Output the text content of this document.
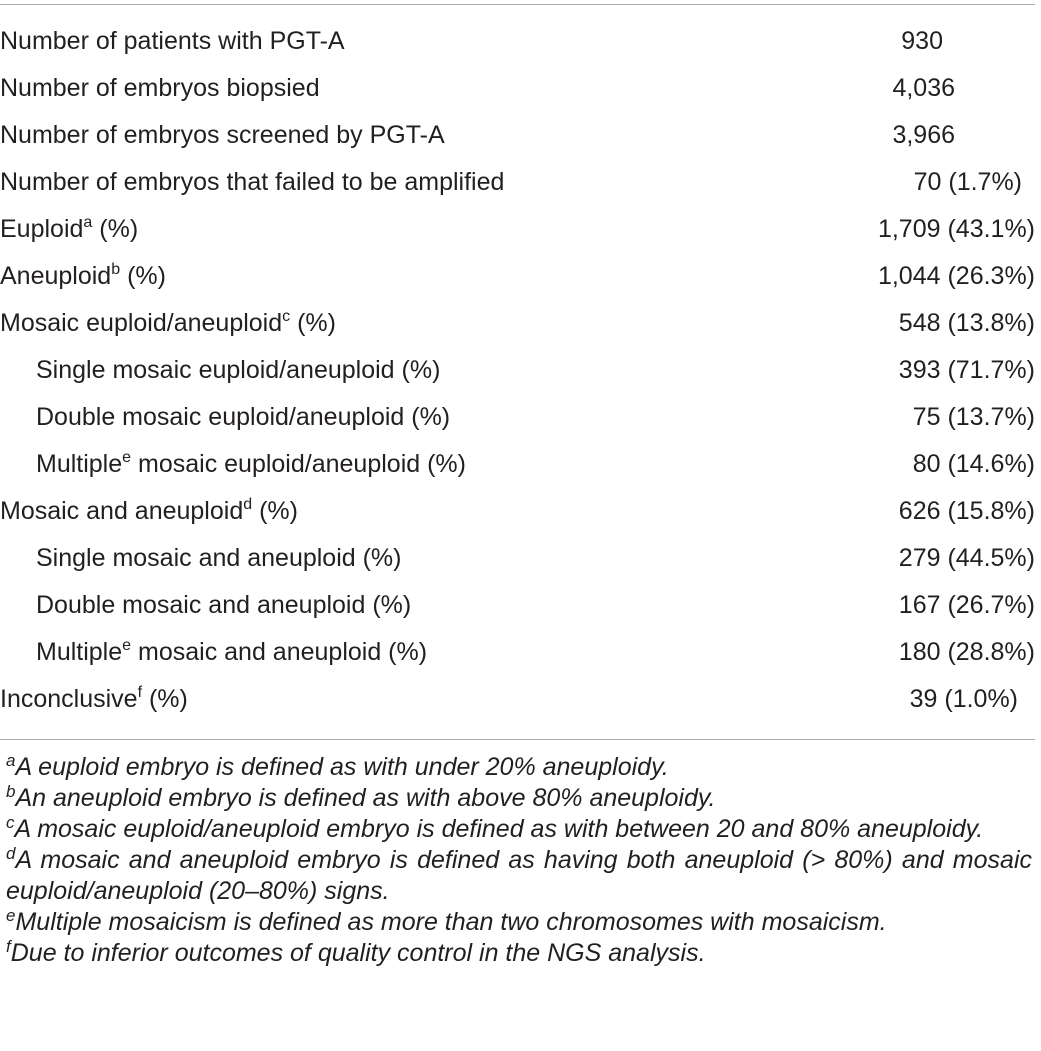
Number of patients with PGT-A	930
Number of embryos biopsied	4,036
Number of embryos screened by PGT-A	3,966
Number of embryos that failed to be amplified	70 (1.7%)
Euploid$^a$ (%)	1,709 (43.1%)
Aneuploid$^b$ (%)	1,044 (26.3%)
Mosaic euploid/aneuploid$^c$ (%)	548 (13.8%)
Single mosaic euploid/aneuploid (%)	393 (71.7%)
Double mosaic euploid/aneuploid (%)	75 (13.7%)
Multiple$^e$ mosaic euploid/aneuploid (%)	80 (14.6%)
Mosaic and aneuploid$^d$ (%)	626 (15.8%)
Single mosaic and aneuploid (%)	279 (44.5%)
Double mosaic and aneuploid (%)	167 (26.7%)
Multiple$^e$ mosaic and aneuploid (%)	180 (28.8%)
Inconclusive$^f$ (%)	39 (1.0%)

$^a$A euploid embryo is defined as with under 20% aneuploidy.

$^b$An aneuploid embryo is defined as with above 80% aneuploidy.

$^c$A mosaic euploid/aneuploid embryo is defined as with between 20 and 80% aneuploidy.

$^d$A mosaic and aneuploid embryo is defined as having both aneuploid (> 80%) and mosaic euploid/aneuploid (20–80%) signs.

$^e$Multiple mosaicism is defined as more than two chromosomes with mosaicism.

$^f$Due to inferior outcomes of quality control in the NGS analysis.
